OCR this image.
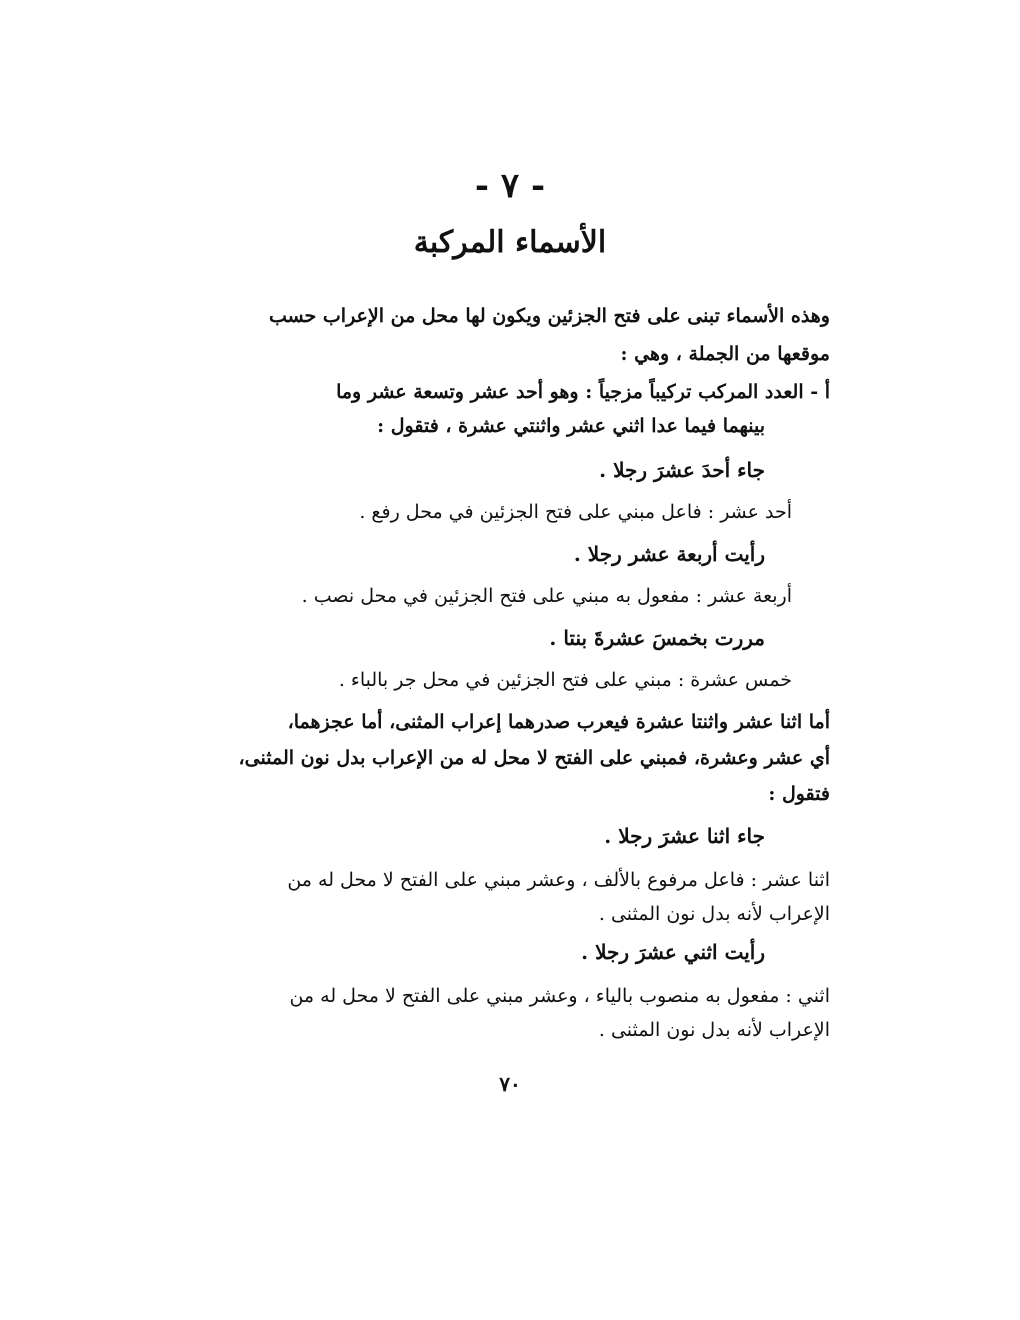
- ٧ -
الأسماء المركبة
وهذه الأسماء تبنى على فتح الجزئين ويكون لها محل من الإعراب حسب
موقعها من الجملة ، وهي :
أ - العدد المركب تركيباً مزجياً : وهو أحد عشر وتسعة عشر وما
بينهما فيما عدا اثني عشر واثنتي عشرة ، فتقول :
جاء أحدَ عشرَ رجلا .
أحد عشر : فاعل مبني على فتح الجزئين في محل رفع .
رأيت أربعة عشر رجلا .
أربعة عشر : مفعول به مبني على فتح الجزئين في محل نصب .
مررت بخمسَ عشرةَ بنتا .
خمس عشرة : مبني على فتح الجزئين في محل جر بالباء .
أما اثنا عشر واثنتا عشرة فيعرب صدرهما إعراب المثنى، أما عجزهما،
أي عشر وعشرة، فمبني على الفتح لا محل له من الإعراب بدل نون المثنى،
فتقول :
جاء اثنا عشرَ رجلا .
اثنا عشر : فاعل مرفوع بالألف ، وعشر مبني على الفتح لا محل له من
الإعراب لأنه بدل نون المثنى .
رأيت اثني عشرَ رجلا .
اثني : مفعول به منصوب بالياء ، وعشر مبني على الفتح لا محل له من
الإعراب لأنه بدل نون المثنى .
٧٠
